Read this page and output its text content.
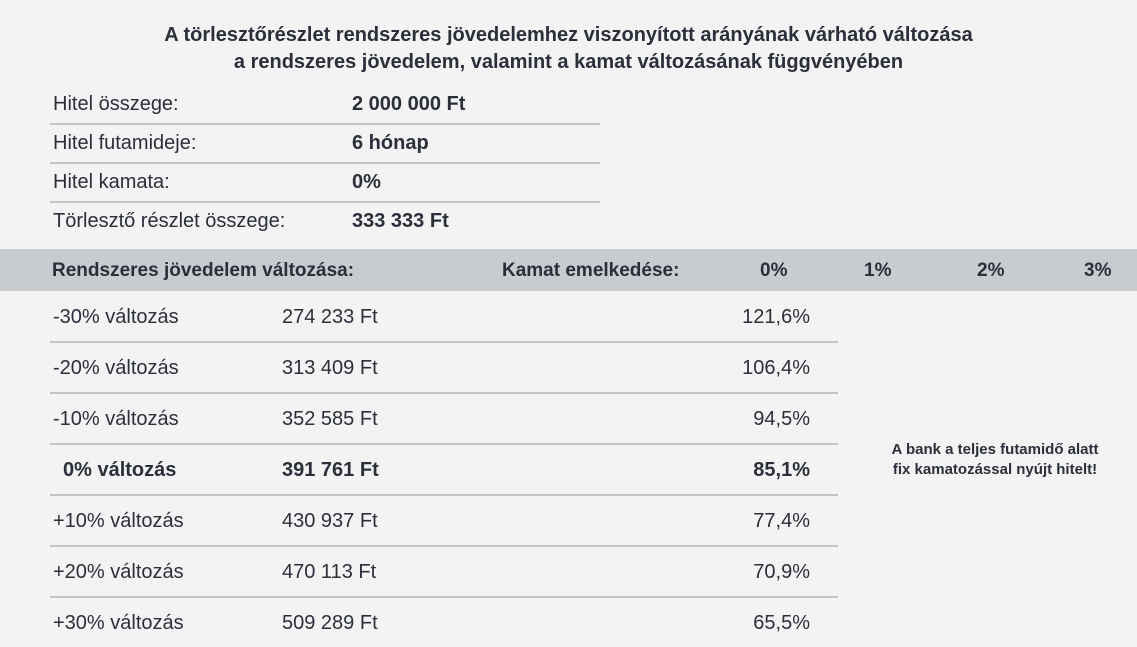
A törlesztőrészlet rendszeres jövedelemhez viszonyított arányának várható változása
a rendszeres jövedelem, valamint a kamat változásának függvényében
Hitel összege:	2 000 000 Ft
Hitel futamideje:	6 hónap
Hitel kamata:	0%
Törlesztő részlet összege:	333 333 Ft
Rendszeres jövedelem változása:	Kamat emelkedése:	0%	1%	2%	3%
-30% változás	274 233 Ft	121,6%
-20% változás	313 409 Ft	106,4%
-10% változás	352 585 Ft	94,5%
0% változás	391 761 Ft	85,1%
+10% változás	430 937 Ft	77,4%
+20% változás	470 113 Ft	70,9%
+30% változás	509 289 Ft	65,5%
A bank a teljes futamidő alatt
fix kamatozással nyújt hitelt!
